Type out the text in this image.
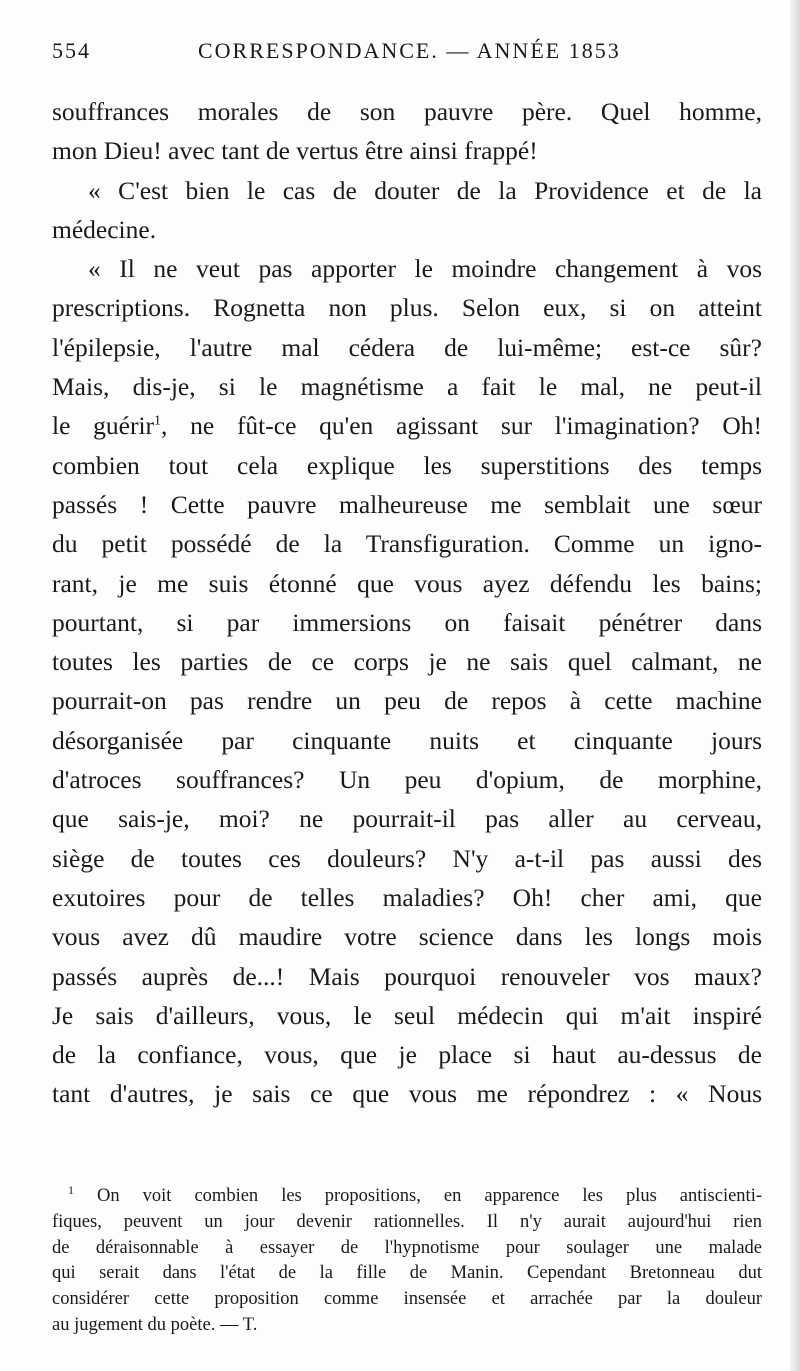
554	CORRESPONDANCE. — ANNÉE 1853
souffrances morales de son pauvre père. Quel homme,
mon Dieu! avec tant de vertus être ainsi frappé!
« C'est bien le cas de douter de la Providence et de la
médecine.
« Il ne veut pas apporter le moindre changement à vos
prescriptions. Rognetta non plus. Selon eux, si on atteint
l'épilepsie, l'autre mal cédera de lui-même; est-ce sûr?
Mais, dis-je, si le magnétisme a fait le mal, ne peut-il
le guérir$^1$, ne fût-ce qu'en agissant sur l'imagination? Oh!
combien tout cela explique les superstitions des temps
passés ! Cette pauvre malheureuse me semblait une sœur
du petit possédé de la Transfiguration. Comme un igno-
rant, je me suis étonné que vous ayez défendu les bains;
pourtant, si par immersions on faisait pénétrer dans
toutes les parties de ce corps je ne sais quel calmant, ne
pourrait-on pas rendre un peu de repos à cette machine
désorganisée par cinquante nuits et cinquante jours
d'atroces souffrances? Un peu d'opium, de morphine,
que sais-je, moi? ne pourrait-il pas aller au cerveau,
siège de toutes ces douleurs? N'y a-t-il pas aussi des
exutoires pour de telles maladies? Oh! cher ami, que
vous avez dû maudire votre science dans les longs mois
passés auprès de...! Mais pourquoi renouveler vos maux?
Je sais d'ailleurs, vous, le seul médecin qui m'ait inspiré
de la confiance, vous, que je place si haut au-dessus de
tant d'autres, je sais ce que vous me répondrez : « Nous
$^1$ On voit combien les propositions, en apparence les plus antiscienti-
fiques, peuvent un jour devenir rationnelles. Il n'y aurait aujourd'hui rien
de déraisonnable à essayer de l'hypnotisme pour soulager une malade
qui serait dans l'état de la fille de Manin. Cependant Bretonneau dut
considérer cette proposition comme insensée et arrachée par la douleur
au jugement du poète. — T.
